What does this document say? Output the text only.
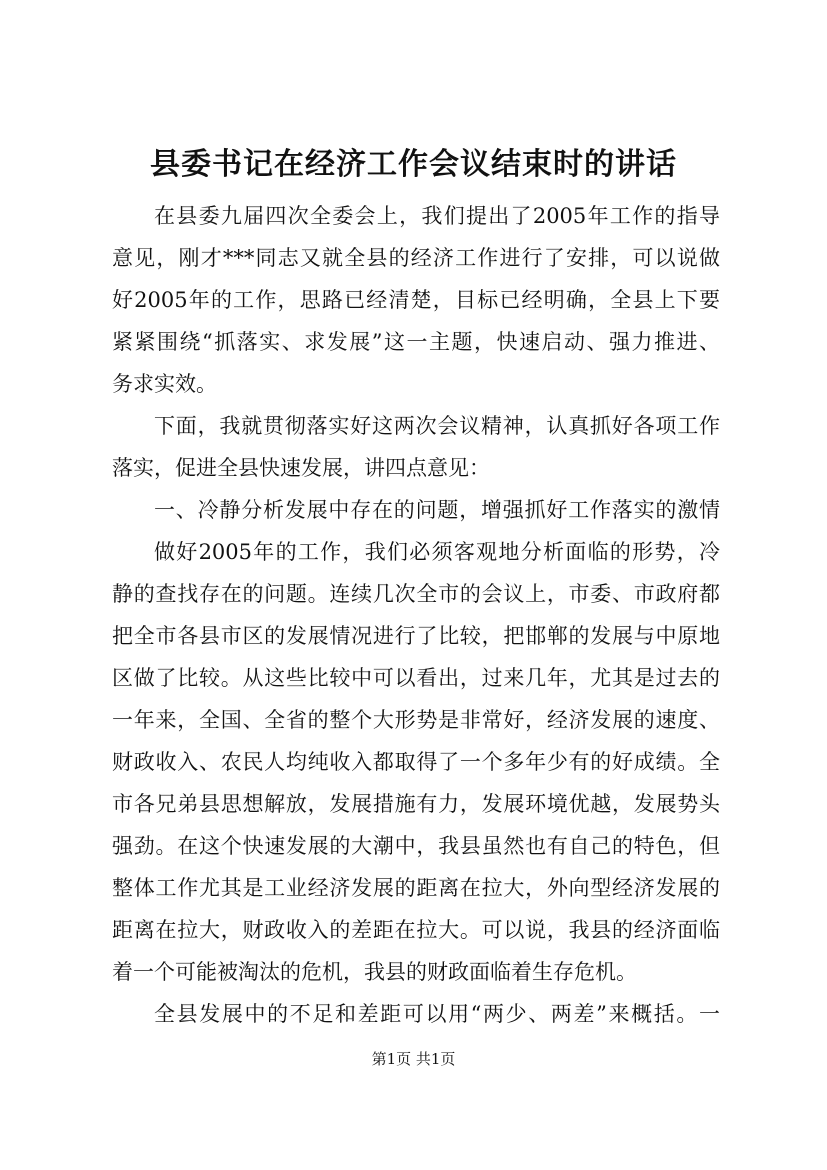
县委书记在经济工作会议结束时的讲话
在县委九届四次全委会上，我们提出了2005年工作的指导
意见，刚才***同志又就全县的经济工作进行了安排，可以说做
好2005年的工作，思路已经清楚，目标已经明确，全县上下要
紧紧围绕“抓落实、求发展”这一主题，快速启动、强力推进、
务求实效。
下面，我就贯彻落实好这两次会议精神，认真抓好各项工作
落实，促进全县快速发展，讲四点意见：
一、冷静分析发展中存在的问题，增强抓好工作落实的激情
做好2005年的工作，我们必须客观地分析面临的形势，冷
静的查找存在的问题。连续几次全市的会议上，市委、市政府都
把全市各县市区的发展情况进行了比较，把邯郸的发展与中原地
区做了比较。从这些比较中可以看出，过来几年，尤其是过去的
一年来，全国、全省的整个大形势是非常好，经济发展的速度、
财政收入、农民人均纯收入都取得了一个多年少有的好成绩。全
市各兄弟县思想解放，发展措施有力，发展环境优越，发展势头
强劲。在这个快速发展的大潮中，我县虽然也有自己的特色，但
整体工作尤其是工业经济发展的距离在拉大，外向型经济发展的
距离在拉大，财政收入的差距在拉大。可以说，我县的经济面临
着一个可能被淘汰的危机，我县的财政面临着生存危机。
全县发展中的不足和差距可以用“两少、两差”来概括。一
第1页 共1页
